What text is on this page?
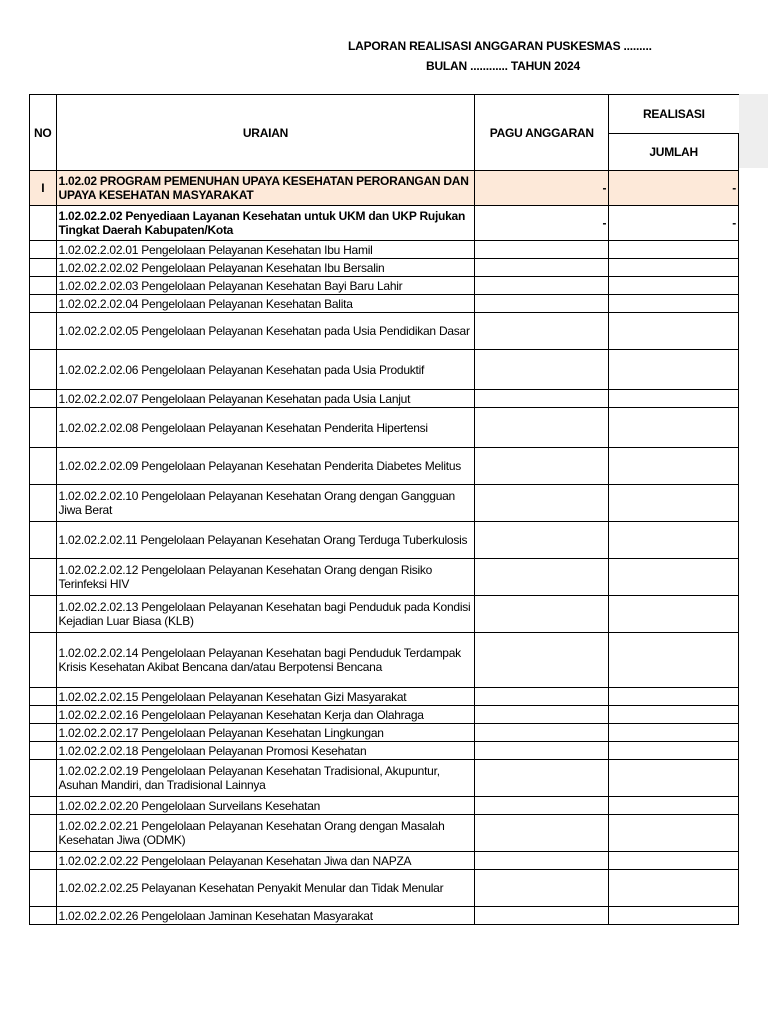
LAPORAN REALISASI ANGGARAN PUSKESMAS .........
BULAN ............ TAHUN 2024
NO	URAIAN	PAGU ANGGARAN	REALISASI
			JUMLAH
I	1.02.02 PROGRAM PEMENUHAN UPAYA KESEHATAN PERORANGAN DAN UPAYA KESEHATAN MASYARAKAT	-	-
	1.02.02.2.02 Penyediaan Layanan Kesehatan untuk UKM dan UKP Rujukan Tingkat Daerah Kabupaten/Kota	-	-
	1.02.02.2.02.01 Pengelolaan Pelayanan Kesehatan Ibu Hamil		
	1.02.02.2.02.02 Pengelolaan Pelayanan Kesehatan Ibu Bersalin		
	1.02.02.2.02.03 Pengelolaan Pelayanan Kesehatan Bayi Baru Lahir		
	1.02.02.2.02.04 Pengelolaan Pelayanan Kesehatan Balita		
	1.02.02.2.02.05 Pengelolaan Pelayanan Kesehatan pada Usia Pendidikan Dasar		
	1.02.02.2.02.06 Pengelolaan Pelayanan Kesehatan pada Usia Produktif		
	1.02.02.2.02.07 Pengelolaan Pelayanan Kesehatan pada Usia Lanjut		
	1.02.02.2.02.08 Pengelolaan Pelayanan Kesehatan Penderita Hipertensi		
	1.02.02.2.02.09 Pengelolaan Pelayanan Kesehatan Penderita Diabetes Melitus		
	1.02.02.2.02.10 Pengelolaan Pelayanan Kesehatan Orang dengan Gangguan Jiwa Berat		
	1.02.02.2.02.11 Pengelolaan Pelayanan Kesehatan Orang Terduga Tuberkulosis		
	1.02.02.2.02.12 Pengelolaan Pelayanan Kesehatan Orang dengan Risiko Terinfeksi HIV		
	1.02.02.2.02.13 Pengelolaan Pelayanan Kesehatan bagi Penduduk pada Kondisi Kejadian Luar Biasa (KLB)		
	1.02.02.2.02.14 Pengelolaan Pelayanan Kesehatan bagi Penduduk Terdampak Krisis Kesehatan Akibat Bencana dan/atau Berpotensi Bencana		
	1.02.02.2.02.15 Pengelolaan Pelayanan Kesehatan Gizi Masyarakat		
	1.02.02.2.02.16 Pengelolaan Pelayanan Kesehatan Kerja dan Olahraga		
	1.02.02.2.02.17 Pengelolaan Pelayanan Kesehatan Lingkungan		
	1.02.02.2.02.18 Pengelolaan Pelayanan Promosi Kesehatan		
	1.02.02.2.02.19 Pengelolaan Pelayanan Kesehatan Tradisional, Akupuntur, Asuhan Mandiri, dan Tradisional Lainnya		
	1.02.02.2.02.20 Pengelolaan Surveilans Kesehatan		
	1.02.02.2.02.21 Pengelolaan Pelayanan Kesehatan Orang dengan Masalah Kesehatan Jiwa (ODMK)		
	1.02.02.2.02.22 Pengelolaan Pelayanan Kesehatan Jiwa dan NAPZA		
	1.02.02.2.02.25 Pelayanan Kesehatan Penyakit Menular dan Tidak Menular		
	1.02.02.2.02.26 Pengelolaan Jaminan Kesehatan Masyarakat		
